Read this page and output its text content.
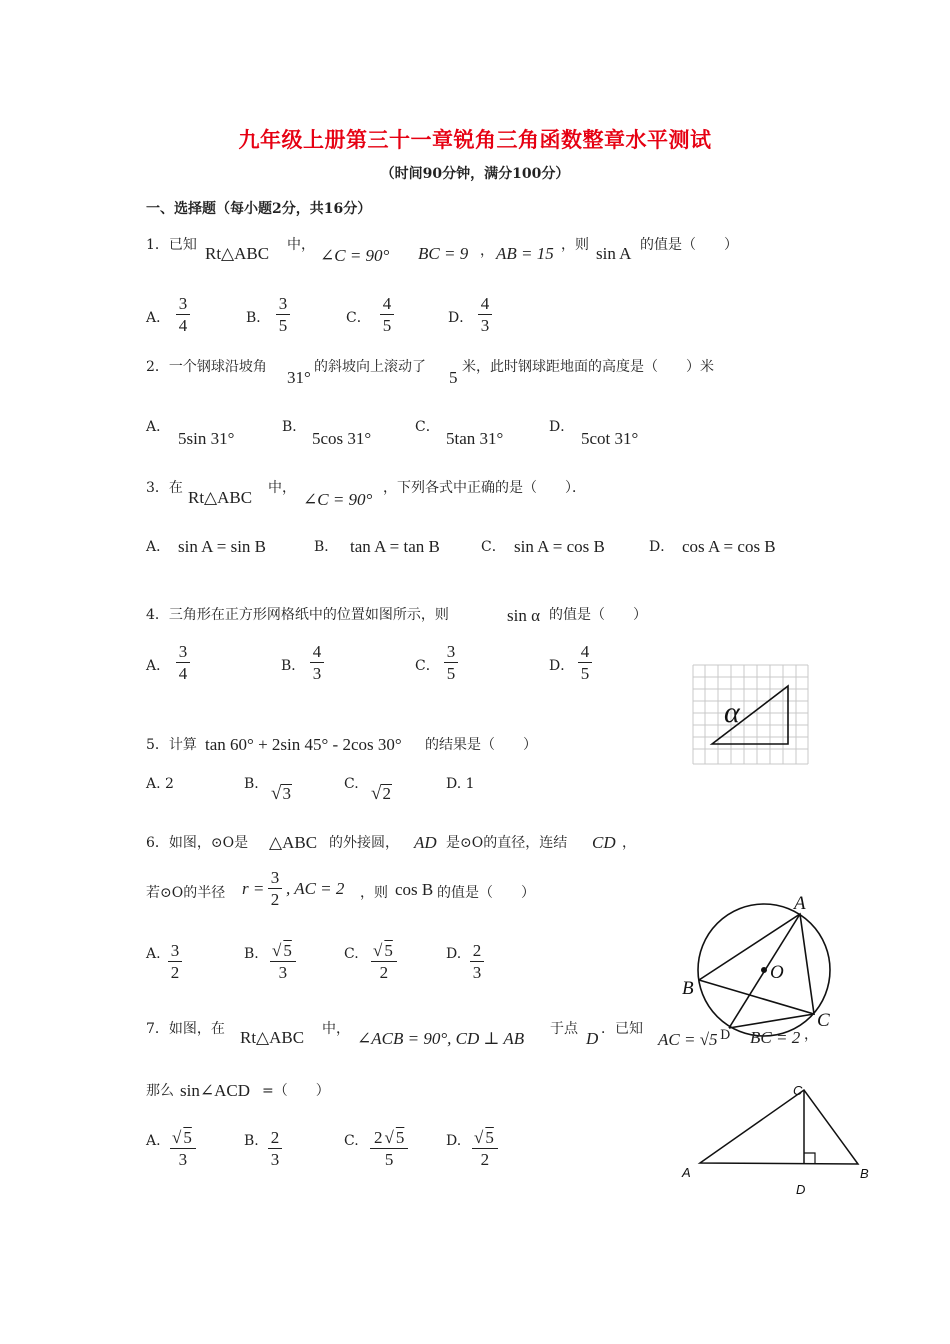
九年级上册第三十一章锐角三角函数整章水平测试
（时间90分钟，满分100分）
一、选择题（每小题2分，共16分）
1．已知 Rt△ABC 中，
∠C = 90° BC = 9 ， AB = 15 ，则 sin A 的值是（　　）
A．
3
4	B．
3
5	C．
4
5	D．
4
3
2．一个钢球沿坡角
31°
的斜坡向上滚动了
5
米，此时钢球距地面的高度是（　　）米
A．
5sin 31°
B．
5cos 31°
C．
5tan 31°
D．
5cot 31°
3．在 Rt△ABC 中，
∠C = 90°
，下列各式中正确的是（　　）．
A． sin A = sin B	B． tan A = tan B	C． sin A = cos B	D． cos A = cos B
4．三角形在正方形网格纸中的位置如图所示，则	sin α 的值是（　　）
A．
3
4	B．
4
3	C．
3
5	D．
4
5
α
5．计算 tan 60° + 2sin 45° - 2cos 30° 的结果是（　　）
A. 2	B. √ 3	C. √ 2	D. 1
6．如图，⊙O是 △ABC 的外接圆， AD 是⊙O的直径，连结 CD ，
若⊙O的半径 r =
3
2
, AC = 2 ，则 cos B 的值是（　　）
A. 3
2
B. √ 5
3
C. √ 5
2
D. 2
3
A
B
C
O
7．如图，在 Rt△ABC 中， ∠ACB = 90°, CD ⊥ AB 于点 D ．已知
AC = √5 D BC = 2 ，
那么 sin∠ACD =（　　）
A. √ 5
3
B. 2
3
C. 2 √ 5
5
D. √ 5
2
C
A	B
D
